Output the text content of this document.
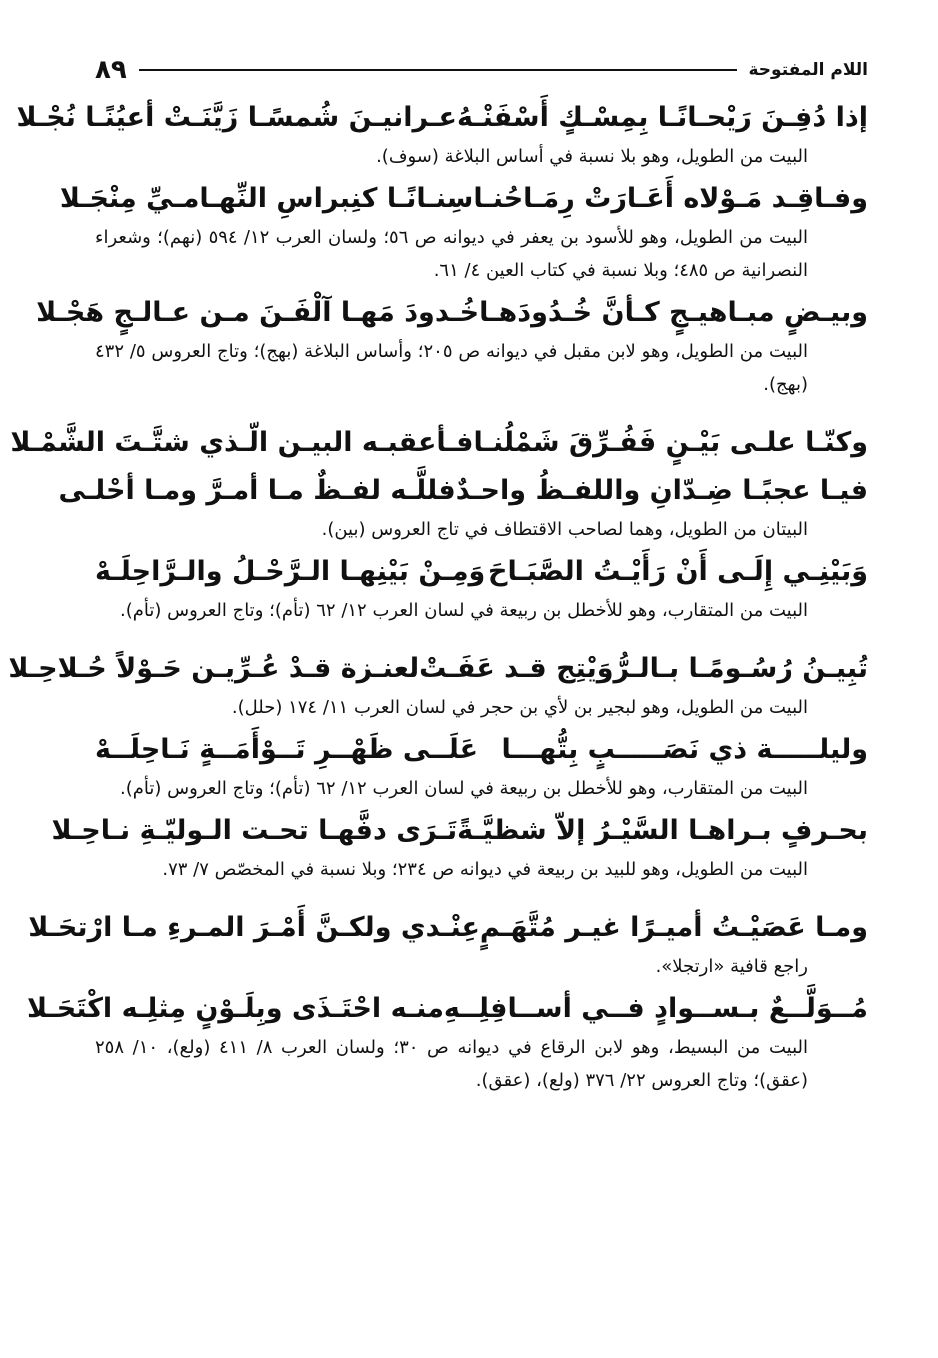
اللام المفتوحة
٨٩
إذا دُفِـنَ رَيْحـانًـا بِمِسْـكٍ أَسْفَنْـهُ
عـرانيـنَ شُمسًـا زَيَّنَـتْ أعيُنًـا نُجْـلا
البيت من الطويل، وهو بلا نسبة في أساس البلاغة (سوف).
وفـاقِـد مَـوْلاه أَعَـارَتْ رِمَـاحُنـا
سِنـانًـا كنِبراسِ النِّهـامـيِّ مِنْجَـلا
البيت من الطويل، وهو للأسود بن يعفر في ديوانه ص ٥٦؛ ولسان العرب ١٢/ ٥٩٤ (نهم)؛ وشعراء النصرانية ص ٤٨٥؛ وبلا نسبة في كتاب العين ٤/ ٦١.
وبيـضٍ مبـاهيـجٍ كـأنَّ خُـدُودَهـا
خُـدودَ مَهـا آلْفَـنَ مـن عـالـجٍ هَجْـلا
البيت من الطويل، وهو لابن مقبل في ديوانه ص ٢٠٥؛ وأساس البلاغة (بهج)؛ وتاج العروس ٥/ ٤٣٢ (بهج).
وكنّـا علـى بَيْـنٍ فَفُـرِّقَ شَمْلُنـا
فـأعقبـه البيـن الّـذي شتَّـتَ الشَّمْـلا
فيـا عجبًـا ضِـدّانِ واللفـظُ واحـدٌ
فللَّـه لفـظٌ مـا أمـرَّ ومـا أحْلـى
البيتان من الطويل، وهما لصاحب الاقتطاف في تاج العروس (بين).
وَبَيْنِـي إِلَـى أَنْ رَأَيْـتُ الصَّبَـاحَ
وَمِـنْ بَيْنِهـا الـرَّحْـلُ والـرَّاحِلَـهْ
البيت من المتقارب، وهو للأخطل بن ربيعة في لسان العرب ١٢/ ٦٢ (تأم)؛ وتاج العروس (تأم).
تُبِيـنُ رُسُـومًـا بـالـرُّوَيْتِج قـد عَفَـتْ
لعنـزة قـدْ عُـرِّيـن حَـوْلاً حُـلاحِـلا
البيت من الطويل، وهو لبجير بن لأي بن حجر في لسان العرب ١١/ ١٧٤ (حلل).
وليلـــــة ذي نَصَـــــبٍ بِتُّهـــا
عَلَــى ظَهْــرِ تَــوْأَمَــةٍ نَـاحِلَــهْ
البيت من المتقارب، وهو للأخطل بن ربيعة في لسان العرب ١٢/ ٦٢ (تأم)؛ وتاج العروس (تأم).
بحـرفٍ بـراهـا السَّيْـرُ إلاّ شظيَّـةً
تَـرَى دفَّهـا تحـت الـوليّـةِ نـاحِـلا
البيت من الطويل، وهو للبيد بن ربيعة في ديوانه ص ٢٣٤؛ وبلا نسبة في المخصّص ٧/ ٧٣.
ومـا عَصَيْـتُ أميـرًا غيـر مُتَّهَـمٍ
عِنْـدي ولكـنَّ أَمْـرَ المـرءِ مـا ارْتحَـلا
راجع قافية «ارتجلا».
مُــوَلَّــعٌ بـســوادٍ فــي أســافِلِــهِ
منـه احْتَـذَى وبِلَـوْنٍ مِثلِـه اكْتَحَـلا
البيت من البسيط، وهو لابن الرقاع في ديوانه ص ٣٠؛ ولسان العرب ٨/ ٤١١ (ولع)، ١٠/ ٢٥٨ (عقق)؛ وتاج العروس ٢٢/ ٣٧٦ (ولع)، (عقق).
